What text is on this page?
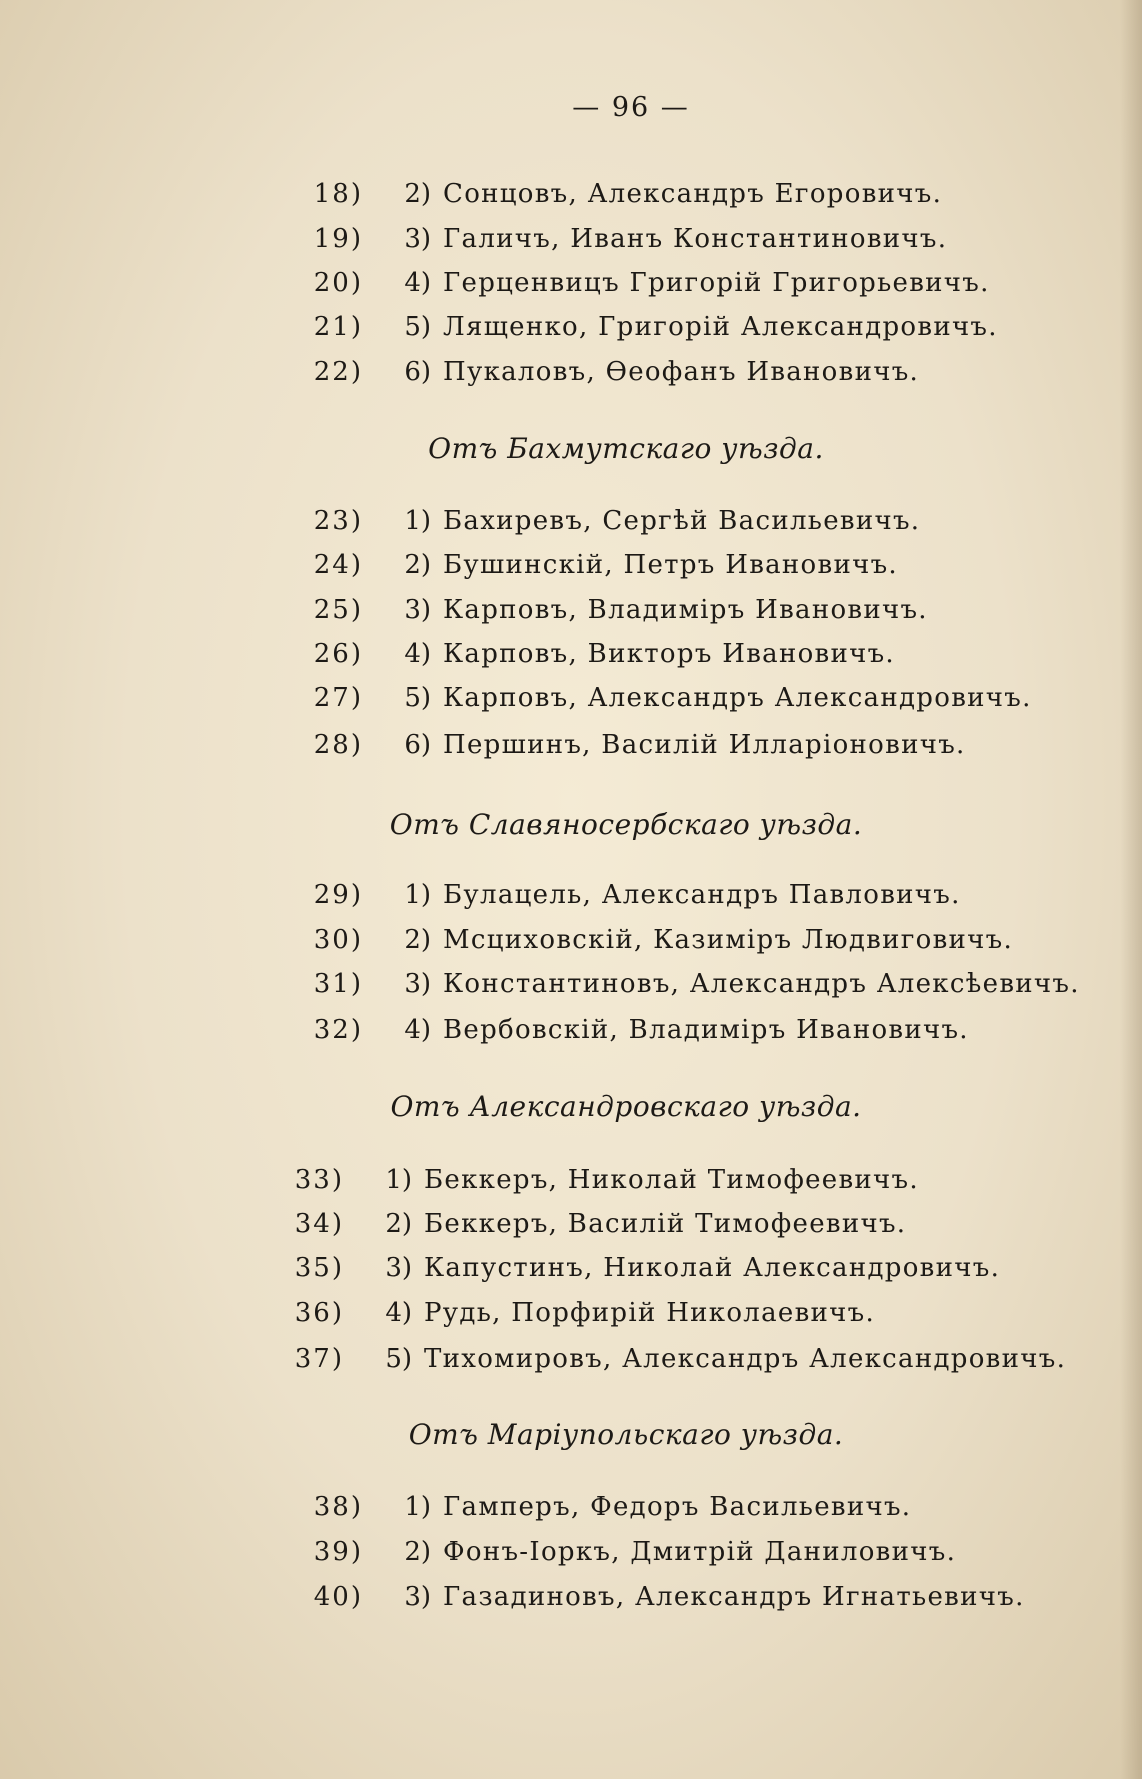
— 96 —
18) 2) Сонцовъ, Александръ Егоровичъ.
19) 3) Галичъ, Иванъ Константиновичъ.
20) 4) Герценвицъ Григорій Григорьевичъ.
21) 5) Лященко, Григорій Александровичъ.
22) 6) Пукаловъ, Өеофанъ Ивановичъ.
Отъ Бахмутскаго уѣзда.
23) 1) Бахиревъ, Сергѣй Васильевичъ.
24) 2) Бушинскій, Петръ Ивановичъ.
25) 3) Карповъ, Владиміръ Ивановичъ.
26) 4) Карповъ, Викторъ Ивановичъ.
27) 5) Карповъ, Александръ Александровичъ.
28) 6) Першинъ, Василій Илларіоновичъ.
Отъ Славяносербскаго уѣзда.
29) 1) Булацель, Александръ Павловичъ.
30) 2) Мсциховскій, Казиміръ Людвиговичъ.
31) 3) Константиновъ, Александръ Алексѣевичъ.
32) 4) Вербовскій, Владиміръ Ивановичъ.
Отъ Александровскаго уѣзда.
33) 1) Беккеръ, Николай Тимофеевичъ.
34) 2) Беккеръ, Василій Тимофеевичъ.
35) 3) Капустинъ, Николай Александровичъ.
36) 4) Рудь, Порфирій Николаевичъ.
37) 5) Тихомировъ, Александръ Александровичъ.
Отъ Маріупольскаго уѣзда.
38) 1) Гамперъ, Федоръ Васильевичъ.
39) 2) Фонъ-Іоркъ, Дмитрій Даниловичъ.
40) 3) Газадиновъ, Александръ Игнатьевичъ.
